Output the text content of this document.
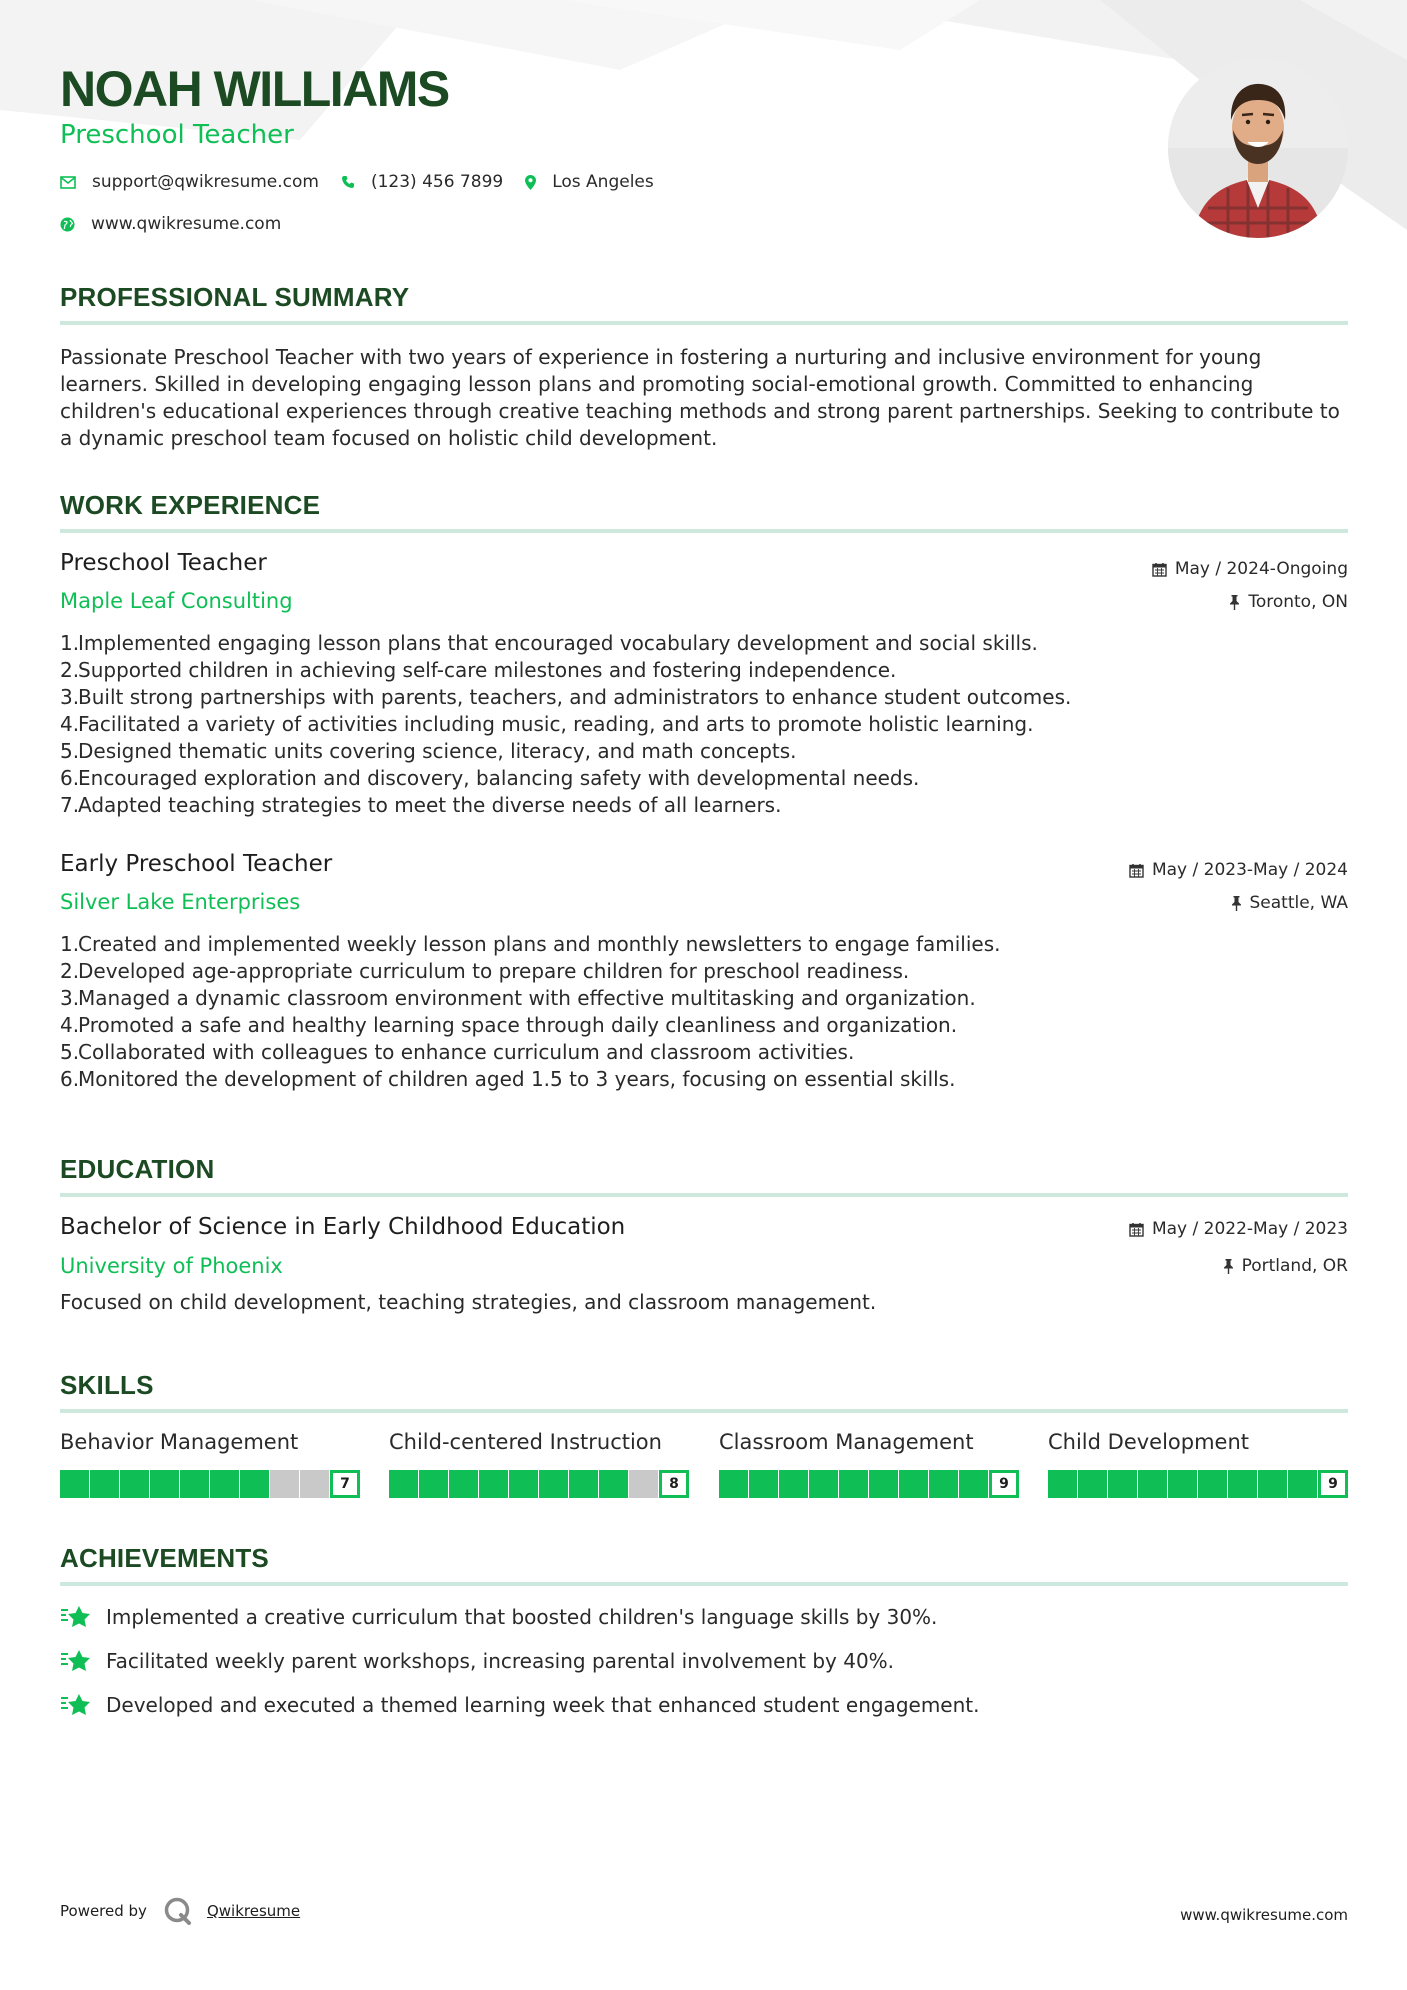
NOAH WILLIAMS
Preschool Teacher
support@qwikresume.com	(123) 456 7899	Los Angeles
www.qwikresume.com
PROFESSIONAL SUMMARY

Passionate Preschool Teacher with two years of experience in fostering a nurturing and inclusive environment for young learners. Skilled in developing engaging lesson plans and promoting social-emotional growth. Committed to enhancing children's educational experiences through creative teaching methods and strong parent partnerships. Seeking to contribute to a dynamic preschool team focused on holistic child development.

WORK EXPERIENCE
Preschool Teacher	May / 2024-Ongoing
Maple Leaf Consulting	Toronto, ON
1.
Implemented engaging lesson plans that encouraged vocabulary development and social skills.
2.
Supported children in achieving self-care milestones and fostering independence.
3.
Built strong partnerships with parents, teachers, and administrators to enhance student outcomes.
4.
Facilitated a variety of activities including music, reading, and arts to promote holistic learning.
5.
Designed thematic units covering science, literacy, and math concepts.
6.
Encouraged exploration and discovery, balancing safety with developmental needs.
7.
Adapted teaching strategies to meet the diverse needs of all learners.
Early Preschool Teacher	May / 2023-May / 2024
Silver Lake Enterprises	Seattle, WA
1.
Created and implemented weekly lesson plans and monthly newsletters to engage families.
2.
Developed age-appropriate curriculum to prepare children for preschool readiness.
3.
Managed a dynamic classroom environment with effective multitasking and organization.
4.
Promoted a safe and healthy learning space through daily cleanliness and organization.
5.
Collaborated with colleagues to enhance curriculum and classroom activities.
6.
Monitored the development of children aged 1.5 to 3 years, focusing on essential skills.
EDUCATION
Bachelor of Science in Early Childhood Education	May / 2022-May / 2023
University of Phoenix	Portland, OR

Focused on child development, teaching strategies, and classroom management.

SKILLS
Behavior Management
7
Child-centered Instruction
8
Classroom Management
9
Child Development
9
ACHIEVEMENTS
Implemented a creative curriculum that boosted children's language skills by 30%.
Facilitated weekly parent workshops, increasing parental involvement by 40%.
Developed and executed a themed learning week that enhanced student engagement.
Powered by	Qwikresume	www.qwikresume.com
